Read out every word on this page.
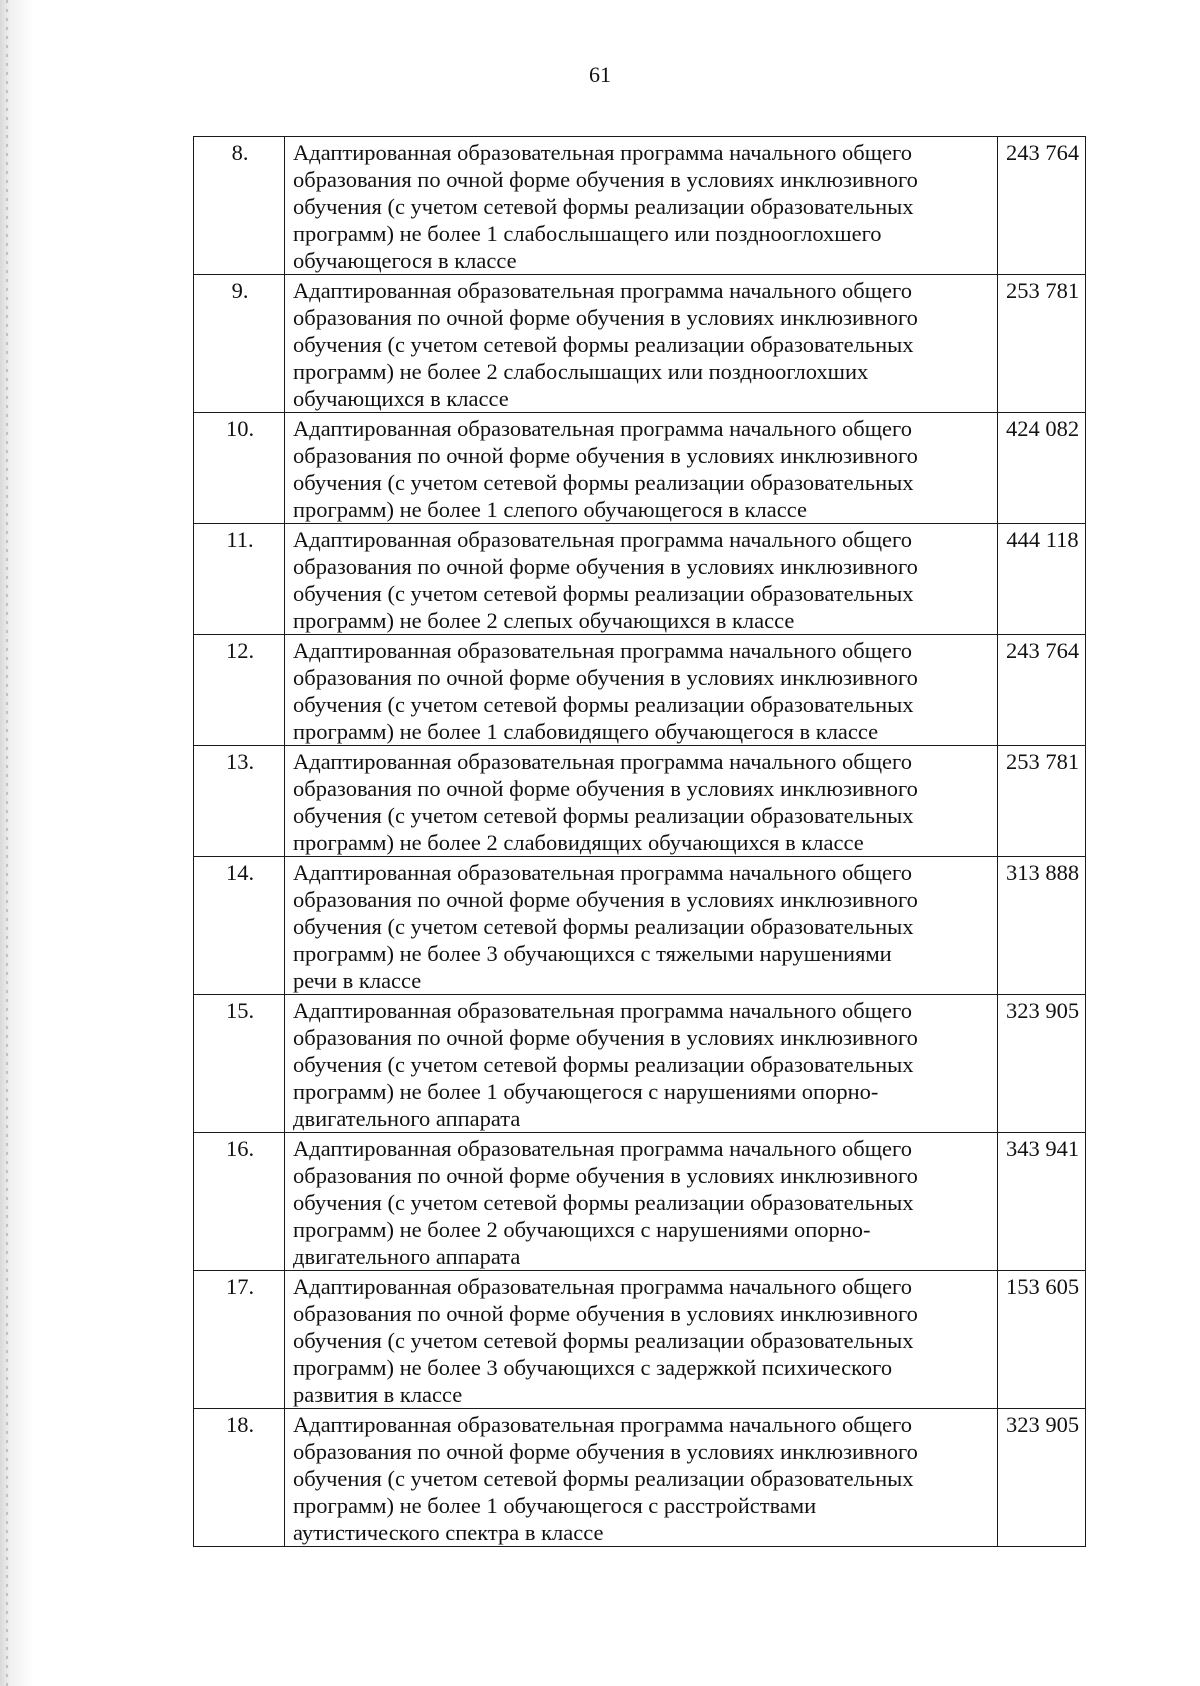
61
8.	Адаптированная образовательная программа начального общего
образования по очной форме обучения в условиях инклюзивного
обучения (с учетом сетевой формы реализации образовательных
программ) не более 1 слабослышащего или позднооглохшего
обучающегося в классе	243 764
9.	Адаптированная образовательная программа начального общего
образования по очной форме обучения в условиях инклюзивного
обучения (с учетом сетевой формы реализации образовательных
программ) не более 2 слабослышащих или позднооглохших
обучающихся в классе	253 781
10.	Адаптированная образовательная программа начального общего
образования по очной форме обучения в условиях инклюзивного
обучения (с учетом сетевой формы реализации образовательных
программ) не более 1 слепого обучающегося в классе	424 082
11.	Адаптированная образовательная программа начального общего
образования по очной форме обучения в условиях инклюзивного
обучения (с учетом сетевой формы реализации образовательных
программ) не более 2 слепых обучающихся в классе	444 118
12.	Адаптированная образовательная программа начального общего
образования по очной форме обучения в условиях инклюзивного
обучения (с учетом сетевой формы реализации образовательных
программ) не более 1 слабовидящего обучающегося в классе	243 764
13.	Адаптированная образовательная программа начального общего
образования по очной форме обучения в условиях инклюзивного
обучения (с учетом сетевой формы реализации образовательных
программ) не более 2 слабовидящих обучающихся в классе	253 781
14.	Адаптированная образовательная программа начального общего
образования по очной форме обучения в условиях инклюзивного
обучения (с учетом сетевой формы реализации образовательных
программ) не более 3 обучающихся с тяжелыми нарушениями
речи в классе	313 888
15.	Адаптированная образовательная программа начального общего
образования по очной форме обучения в условиях инклюзивного
обучения (с учетом сетевой формы реализации образовательных
программ) не более 1 обучающегося с нарушениями опорно-
двигательного аппарата	323 905
16.	Адаптированная образовательная программа начального общего
образования по очной форме обучения в условиях инклюзивного
обучения (с учетом сетевой формы реализации образовательных
программ) не более 2 обучающихся с нарушениями опорно-
двигательного аппарата	343 941
17.	Адаптированная образовательная программа начального общего
образования по очной форме обучения в условиях инклюзивного
обучения (с учетом сетевой формы реализации образовательных
программ) не более 3 обучающихся с задержкой психического
развития в классе	153 605
18.	Адаптированная образовательная программа начального общего
образования по очной форме обучения в условиях инклюзивного
обучения (с учетом сетевой формы реализации образовательных
программ) не более 1 обучающегося с расстройствами
аутистического спектра в классе	323 905
